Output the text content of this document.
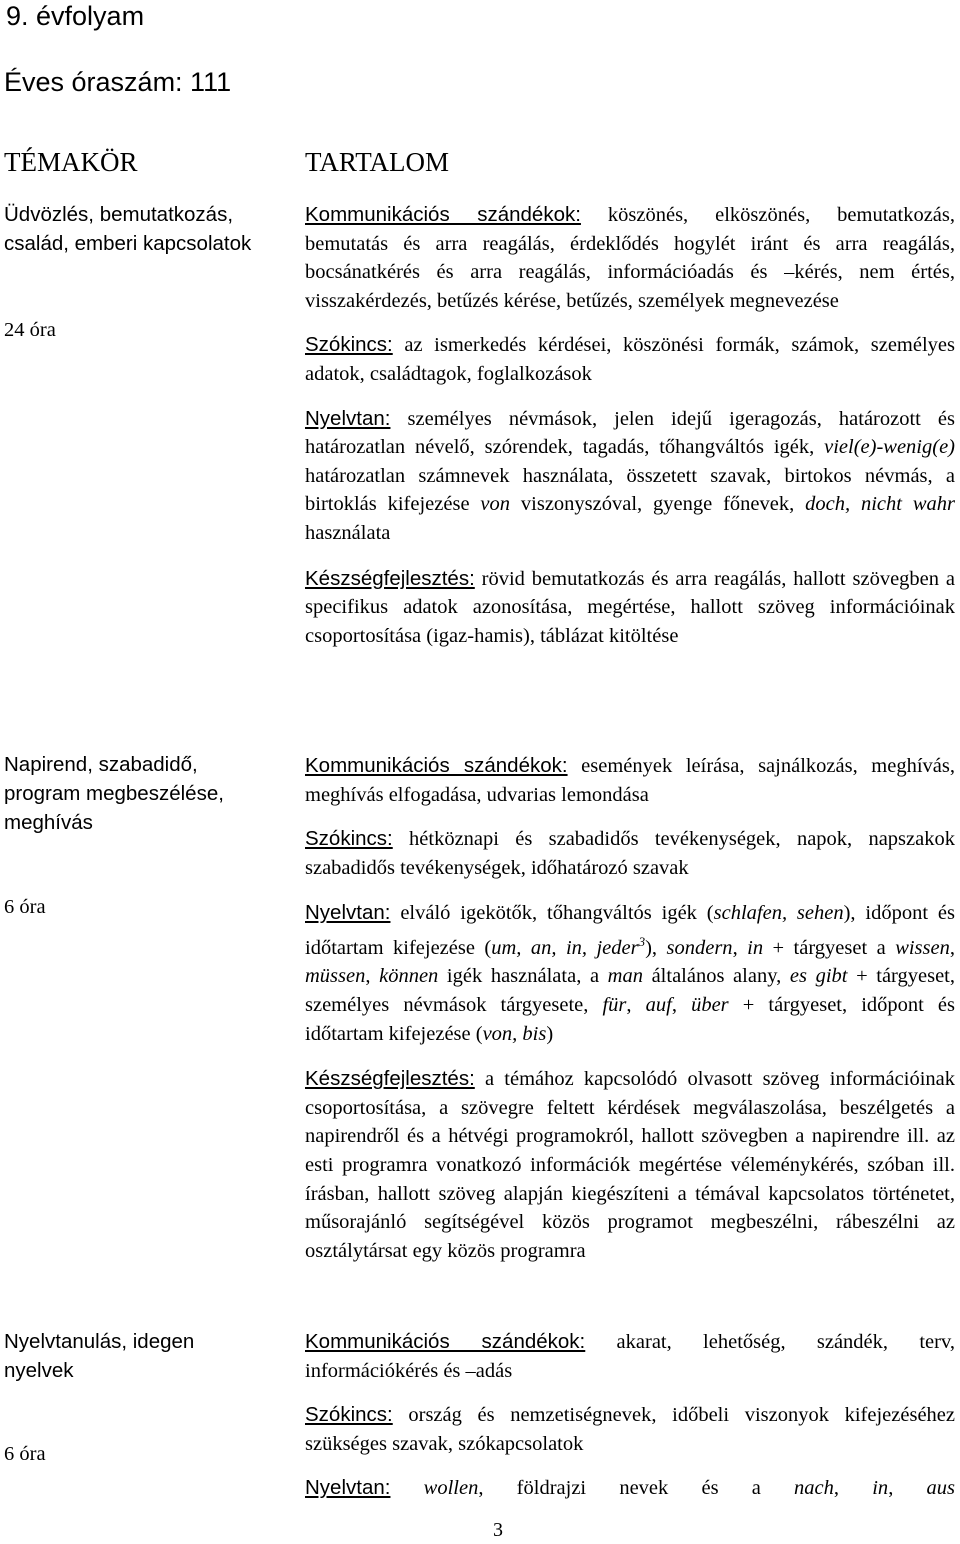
9. évfolyam
Éves óraszám: 111
TÉMAKÖR	TARTALOM
Üdvözlés, bemutatkozás,
család, emberi kapcsolatok
24 óra
Napirend, szabadidő,
program megbeszélése,
meghívás
6 óra
Nyelvtanulás, idegen
nyelvek
6 óra

Kommunikációs szándékok: köszönés, elköszönés, bemutatkozás, bemutatás és arra reagálás, érdeklődés hogylét iránt és arra reagálás, bocsánatkérés és arra reagálás, információadás és –kérés, nem értés, visszakérdezés, betűzés kérése, betűzés, személyek megnevezése

Szókincs: az ismerkedés kérdései, köszönési formák, számok, személyes adatok, családtagok, foglalkozások

Nyelvtan: személyes névmások, jelen idejű igeragozás, határozott és határozatlan névelő, szórendek, tagadás, tőhangváltós igék, viel(e)-wenig(e) határozatlan számnevek használata, összetett szavak, birtokos névmás, a birtoklás kifejezése von viszonyszóval, gyenge főnevek, doch, nicht wahr használata

Készségfejlesztés: rövid bemutatkozás és arra reagálás, hallott szövegben a specifikus adatok azonosítása, megértése, hallott szöveg információinak csoportosítása (igaz-hamis), táblázat kitöltése

Kommunikációs szándékok: események leírása, sajnálkozás, meghívás, meghívás elfogadása, udvarias lemondása

Szókincs: hétköznapi és szabadidős tevékenységek, napok, napszakok szabadidős tevékenységek, időhatározó szavak

Nyelvtan: elváló igekötők, tőhangváltós igék (schlafen, sehen), időpont és időtartam kifejezése (um, an, in, jeder$^3$), sondern, in + tárgyeset a wissen, müssen, können igék használata, a man általános alany, es gibt + tárgyeset, személyes névmások tárgyesete, für, auf, über + tárgyeset, időpont és időtartam kifejezése (von, bis)

Készségfejlesztés: a témához kapcsolódó olvasott szöveg információinak csoportosítása, a szövegre feltett kérdések megválaszolása, beszélgetés a napirendről és a hétvégi programokról, hallott szövegben a napirendre ill. az esti programra vonatkozó információk megértése véleménykérés, szóban ill. írásban, hallott szöveg alapján kiegészíteni a témával kapcsolatos történetet, műsorajánló segítségével közös programot megbeszélni, rábeszélni az osztálytársat egy közös programra

Kommunikációs szándékok: akarat, lehetőség, szándék, terv, információkérés és –adás

Szókincs: ország és nemzetiségnevek, időbeli viszonyok kifejezéséhez szükséges szavak, szókapcsolatok

Nyelvtan: wollen, földrajzi nevek és a nach, in, aus

3
